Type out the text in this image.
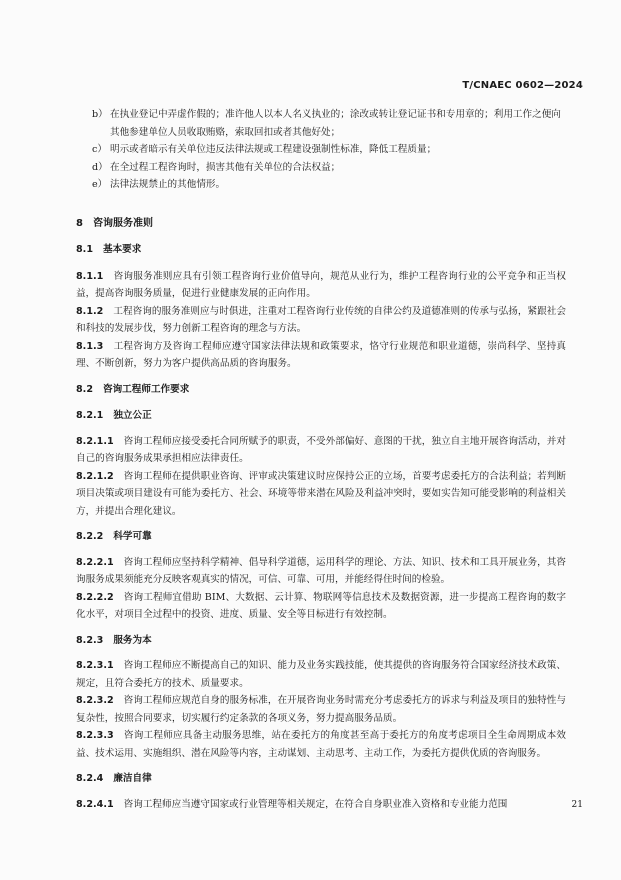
T/CNAEC 0602—2024
b） 在执业登记中弄虚作假的；准许他人以本人名义执业的；涂改或转让登记证书和专用章的；利用工作之便向其他参建单位人员收取贿赂，索取回扣或者其他好处；
c） 明示或者暗示有关单位违反法律法规或工程建设强制性标准，降低工程质量；
d） 在全过程工程咨询时，损害其他有关单位的合法权益；
e） 法律法规禁止的其他情形。
8 咨询服务准则
8.1 基本要求
8.1.1 咨询服务准则应具有引领工程咨询行业价值导向，规范从业行为，维护工程咨询行业的公平竞争和正当权益，提高咨询服务质量，促进行业健康发展的正向作用。
8.1.2 工程咨询的服务准则应与时俱进，注重对工程咨询行业传统的自律公约及道德准则的传承与弘扬，紧跟社会和科技的发展步伐，努力创新工程咨询的理念与方法。
8.1.3 工程咨询方及咨询工程师应遵守国家法律法规和政策要求，恪守行业规范和职业道德，崇尚科学、坚持真理、不断创新，努力为客户提供高品质的咨询服务。
8.2 咨询工程师工作要求
8.2.1 独立公正
8.2.1.1 咨询工程师应接受委托合同所赋予的职责，不受外部偏好、意图的干扰，独立自主地开展咨询活动，并对自己的咨询服务成果承担相应法律责任。
8.2.1.2 咨询工程师在提供职业咨询、评审或决策建议时应保持公正的立场，首要考虑委托方的合法利益；若判断项目决策或项目建设有可能为委托方、社会、环境等带来潜在风险及利益冲突时，要如实告知可能受影响的利益相关方，并提出合理化建议。
8.2.2 科学可靠
8.2.2.1 咨询工程师应坚持科学精神、倡导科学道德，运用科学的理论、方法、知识、技术和工具开展业务，其咨询服务成果须能充分反映客观真实的情况，可信、可靠、可用，并能经得住时间的检验。
8.2.2.2 咨询工程师宜借助 BIM、大数据、云计算、物联网等信息技术及数据资源，进一步提高工程咨询的数字化水平，对项目全过程中的投资、进度、质量、安全等目标进行有效控制。
8.2.3 服务为本
8.2.3.1 咨询工程师应不断提高自己的知识、能力及业务实践技能，使其提供的咨询服务符合国家经济技术政策、规定，且符合委托方的技术、质量要求。
8.2.3.2 咨询工程师应规范自身的服务标准，在开展咨询业务时需充分考虑委托方的诉求与利益及项目的独特性与复杂性，按照合同要求，切实履行约定条款的各项义务，努力提高服务品质。
8.2.3.3 咨询工程师应具备主动服务思维，站在委托方的角度甚至高于委托方的角度考虑项目全生命周期成本效益、技术运用、实施组织、潜在风险等内容，主动谋划、主动思考、主动工作，为委托方提供优质的咨询服务。
8.2.4 廉洁自律
8.2.4.1 咨询工程师应当遵守国家或行业管理等相关规定，在符合自身职业准入资格和专业能力范围	21
